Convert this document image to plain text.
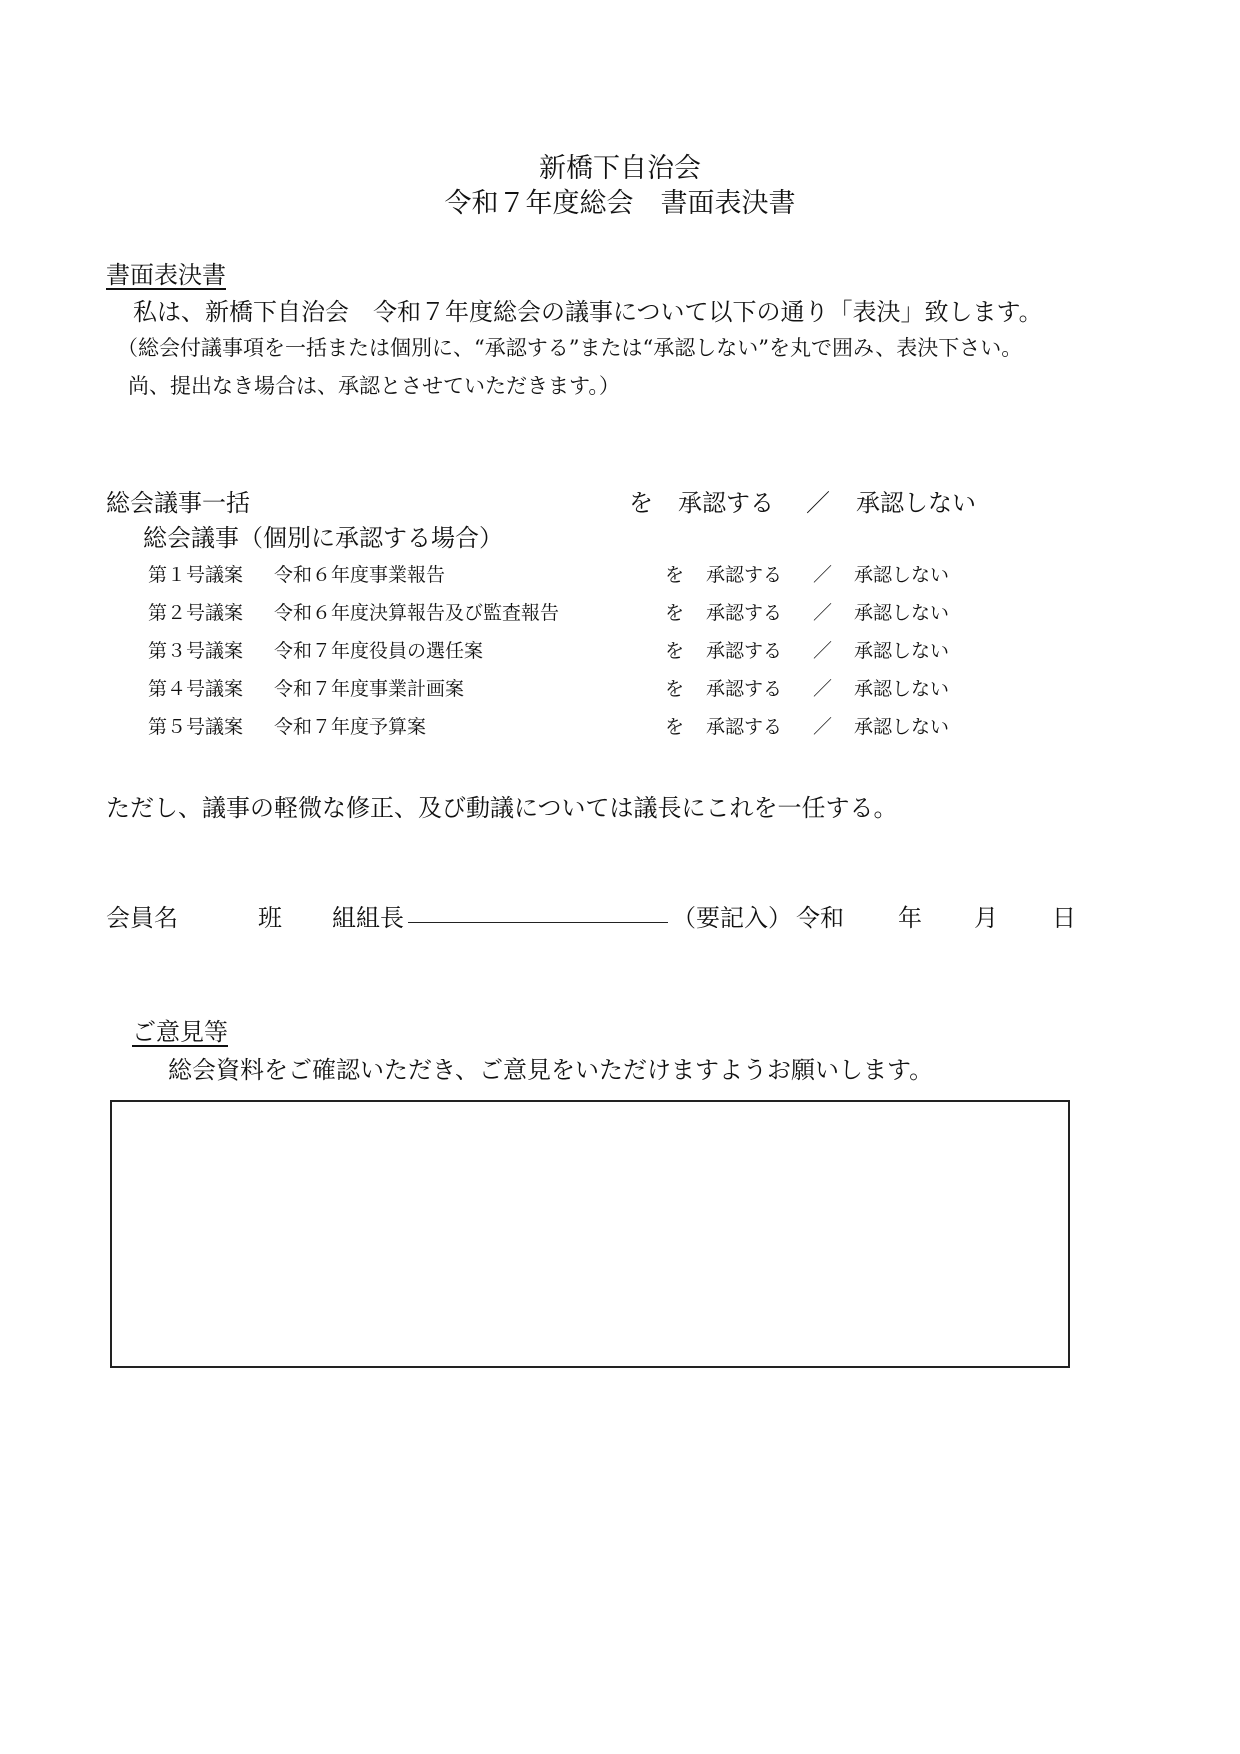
新橋下自治会
令和７年度総会　書面表決書
書面表決書
私は、新橋下自治会　令和７年度総会の議事について以下の通り「表決」致します。
（総会付議事項を一括または個別に、“承認する”または“承認しない”を丸で囲み、表決下さい。
尚、提出なき場合は、承認とさせていただきます。）
総会議事一括	を 承認する ／ 承認しない
総会議事（個別に承認する場合）
第１号議案 令和６年度事業報告	を 承認する ／ 承認しない
第２号議案 令和６年度決算報告及び監査報告	を 承認する ／ 承認しない
第３号議案 令和７年度役員の選任案	を 承認する ／ 承認しない
第４号議案 令和７年度事業計画案	を 承認する ／ 承認しない
第５号議案 令和７年度予算案	を 承認する ／ 承認しない
ただし、議事の軽微な修正、及び動議については議長にこれを一任する。
会員名	班 組組長	（要記入） 令和 年 月 日
ご意見等
総会資料をご確認いただき、ご意見をいただけますようお願いします。
